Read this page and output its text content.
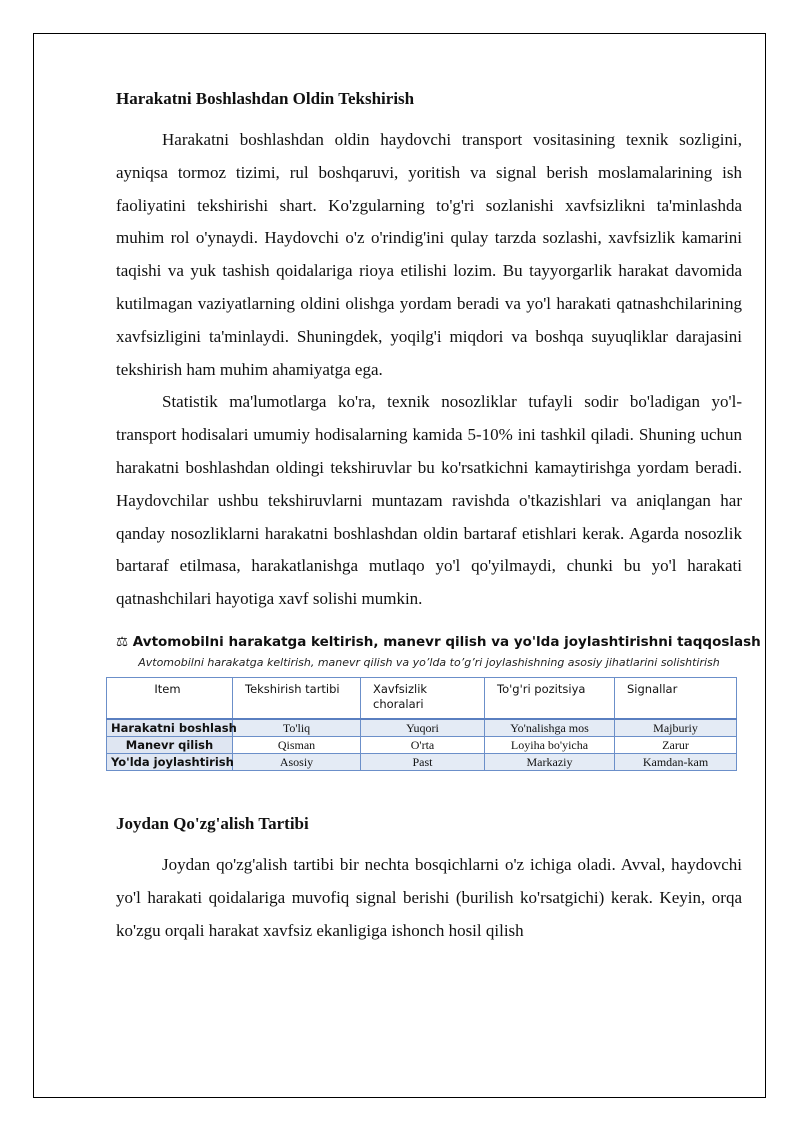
Harakatni Boshlashdan Oldin Tekshirish

Harakatni boshlashdan oldin haydovchi transport vositasining texnik sozligini, ayniqsa tormoz tizimi, rul boshqaruvi, yoritish va signal berish moslamalarining ish faoliyatini tekshirishi shart. Ko'zgularning to'g'ri sozlanishi xavfsizlikni ta'minlashda muhim rol o'ynaydi. Haydovchi o'z o'rindig'ini qulay tarzda sozlashi, xavfsizlik kamarini taqishi va yuk tashish qoidalariga rioya etilishi lozim. Bu tayyorgarlik harakat davomida kutilmagan vaziyatlarning oldini olishga yordam beradi va yo'l harakati qatnashchilarining xavfsizligini ta'minlaydi. Shuningdek, yoqilg'i miqdori va boshqa suyuqliklar darajasini tekshirish ham muhim ahamiyatga ega.

Statistik ma'lumotlarga ko'ra, texnik nosozliklar tufayli sodir bo'ladigan yo'l-transport hodisalari umumiy hodisalarning kamida 5-10% ini tashkil qiladi. Shuning uchun harakatni boshlashdan oldingi tekshiruvlar bu ko'rsatkichni kamaytirishga yordam beradi. Haydovchilar ushbu tekshiruvlarni muntazam ravishda o'tkazishlari va aniqlangan har qanday nosozliklarni harakatni boshlashdan oldin bartaraf etishlari kerak. Agarda nosozlik bartaraf etilmasa, harakatlanishga mutlaqo yo'l qo'yilmaydi, chunki bu yo'l harakati qatnashchilari hayotiga xavf solishi mumkin.

⚖ Avtomobilni harakatga keltirish, manevr qilish va yo'lda joylashtirishni taqqoslash
Avtomobilni harakatga keltirish, manevr qilish va yo’lda to’g’ri joylashishning asosiy jihatlarini solishtirish
Item	Tekshirish tartibi	Xavfsizlik choralari	To'g'ri pozitsiya	Signallar
Harakatni boshlash	To'liq	Yuqori	Yo'nalishga mos	Majburiy
Manevr qilish	Qisman	O'rta	Loyiha bo'yicha	Zarur
Yo'lda joylashtirish	Asosiy	Past	Markaziy	Kamdan-kam
Joydan Qo'zg'alish Tartibi

Joydan qo'zg'alish tartibi bir nechta bosqichlarni o'z ichiga oladi. Avval, haydovchi yo'l harakati qoidalariga muvofiq signal berishi (burilish ko'rsatgichi) kerak. Keyin, orqa ko'zgu orqali harakat xavfsiz ekanligiga ishonch hosil qilish
